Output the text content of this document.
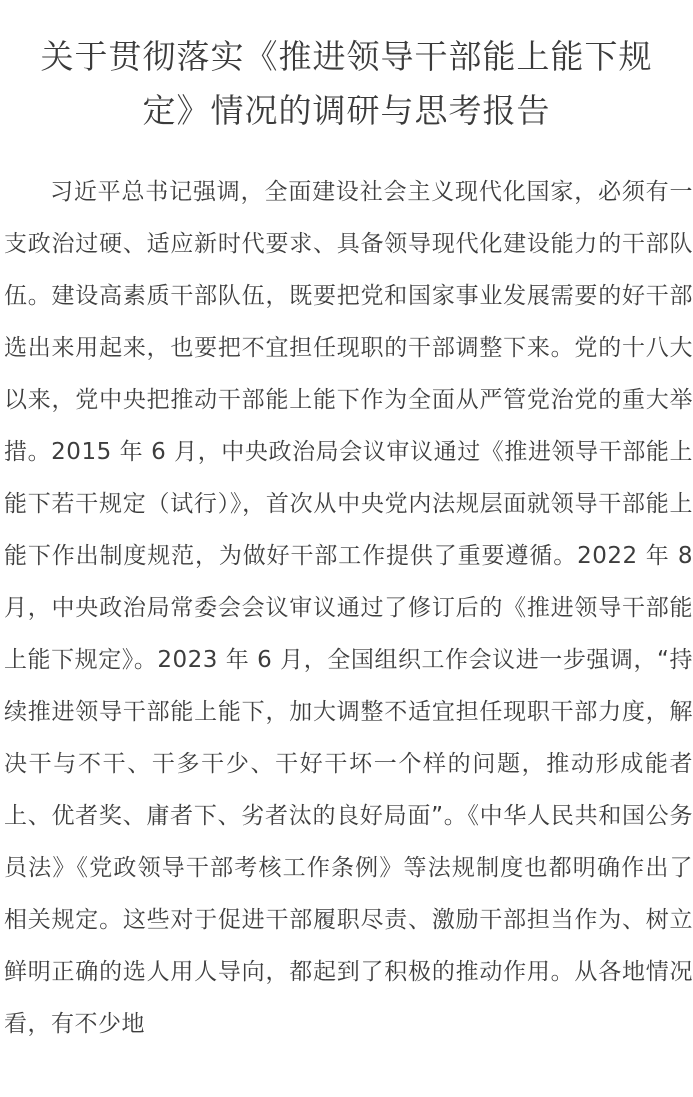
关于贯彻落实《推进领导干部能上能下规定》情况的调研与思考报告

习近平总书记强调，全面建设社会主义现代化国家，必须有一支政治过硬、适应新时代要求、具备领导现代化建设能力的干部队伍。建设高素质干部队伍，既要把党和国家事业发展需要的好干部选出来用起来，也要把不宜担任现职的干部调整下来。党的十八大以来，党中央把推动干部能上能下作为全面从严管党治党的重大举措。2015 年 6 月，中央政治局会议审议通过《推进领导干部能上能下若干规定（试行）》，首次从中央党内法规层面就领导干部能上能下作出制度规范，为做好干部工作提供了重要遵循。2022 年 8 月，中央政治局常委会会议审议通过了修订后的《推进领导干部能上能下规定》。2023 年 6 月，全国组织工作会议进一步强调，“持续推进领导干部能上能下，加大调整不适宜担任现职干部力度，解决干与不干、干多干少、干好干坏一个样的问题，推动形成能者上、优者奖、庸者下、劣者汰的良好局面”。《中华人民共和国公务员法》《党政领导干部考核工作条例》等法规制度也都明确作出了相关规定。这些对于促进干部履职尽责、激励干部担当作为、树立鲜明正确的选人用人导向，都起到了积极的推动作用。从各地情况看，有不少地
